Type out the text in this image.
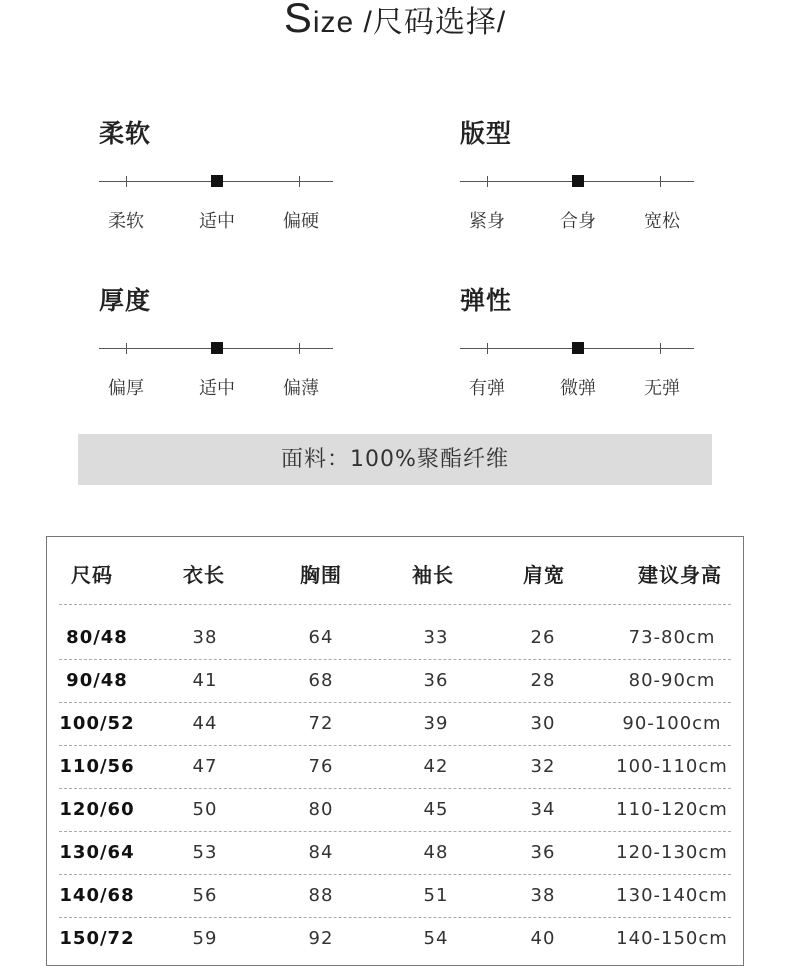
Size /尺码选择/
柔软
柔软	适中	偏硬
版型
紧身	合身	宽松
厚度
偏厚	适中	偏薄
弹性
有弹	微弹	无弹
面料：100%聚酯纤维
尺码	衣长	胸围	袖长	肩宽	建议身高
80/48	38	64	33	26	73-80cm
90/48	41	68	36	28	80-90cm
100/52	44	72	39	30	90-100cm
110/56	47	76	42	32	100-110cm
120/60	50	80	45	34	110-120cm
130/64	53	84	48	36	120-130cm
140/68	56	88	51	38	130-140cm
150/72	59	92	54	40	140-150cm
